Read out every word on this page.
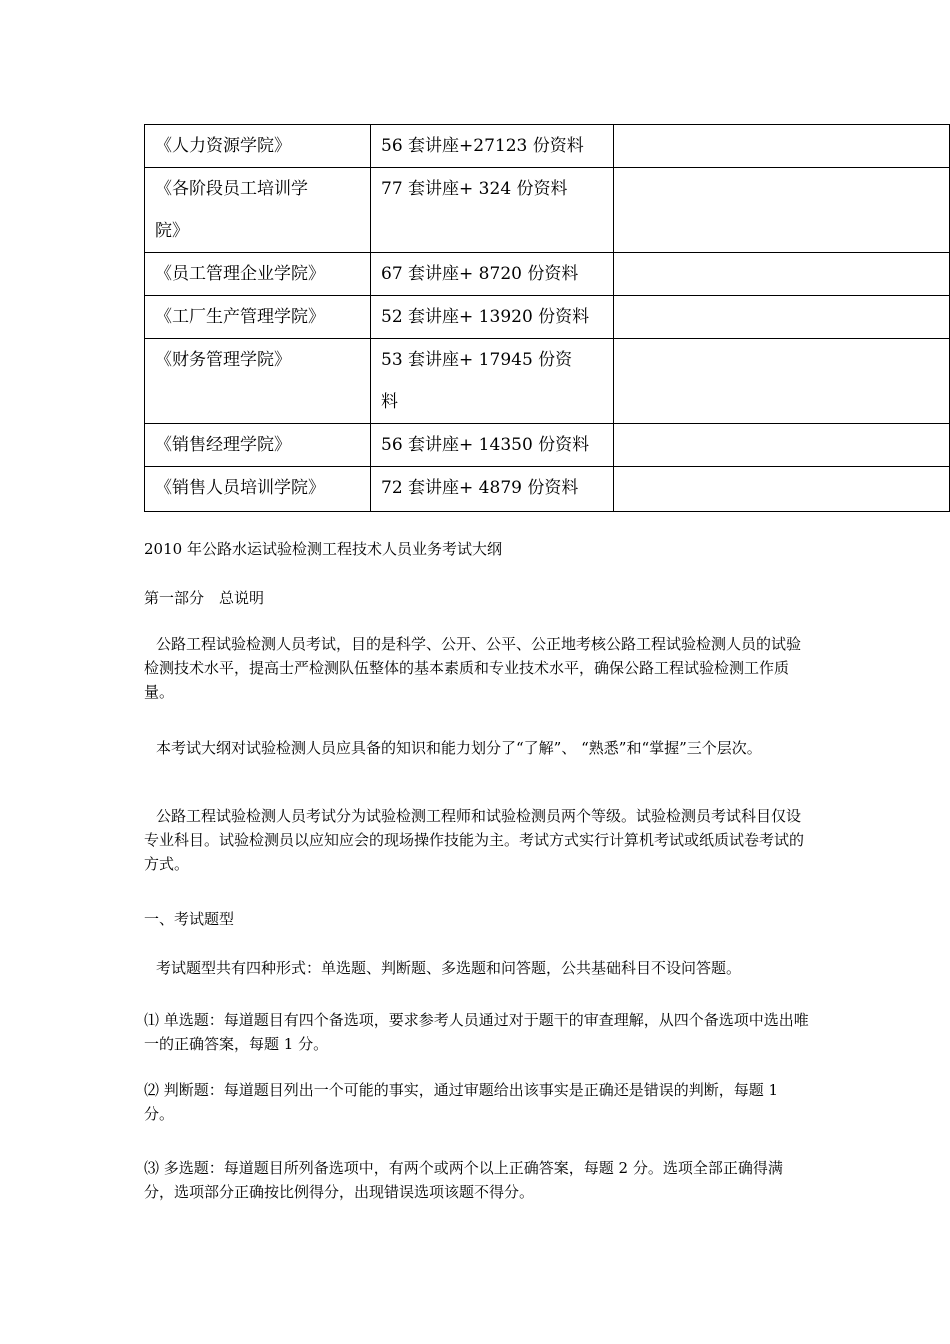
《人力资源学院》	56 套讲座+27123 份资料	
《各阶段员工培训学院》	77 套讲座+ 324 份资料	
《员工管理企业学院》	67 套讲座+ 8720 份资料	
《工厂生产管理学院》	52 套讲座+ 13920 份资料	
《财务管理学院》	53 套讲座+ 17945 份资料	
《销售经理学院》	56 套讲座+ 14350 份资料	
《销售人员培训学院》	72 套讲座+ 4879 份资料	

2010 年公路水运试验检测工程技术人员业务考试大纲

第一部分　总说明

公路工程试验检测人员考试，目的是科学、公开、公平、公正地考核公路工程试验检测人员的试验检测技术水平，提高士严检测队伍整体的基本素质和专业技术水平，确保公路工程试验检测工作质量。

本考试大纲对试验检测人员应具备的知识和能力划分了“了解”、 “熟悉”和“掌握”三个层次。

公路工程试验检测人员考试分为试验检测工程师和试验检测员两个等级。试验检测员考试科目仅设专业科目。试验检测员以应知应会的现场操作技能为主。考试方式实行计算机考试或纸质试卷考试的方式。

一、考试题型

考试题型共有四种形式：单选题、判断题、多选题和问答题，公共基础科目不设问答题。

⑴ 单选题：每道题目有四个备选项，要求参考人员通过对于题干的审查理解，从四个备选项中选出唯一的正确答案，每题 1 分。

⑵ 判断题：每道题目列出一个可能的事实，通过审题给出该事实是正确还是错误的判断，每题 1 分。

⑶ 多选题：每道题目所列备选项中，有两个或两个以上正确答案，每题 2 分。选项全部正确得满分，选项部分正确按比例得分，出现错误选项该题不得分。
